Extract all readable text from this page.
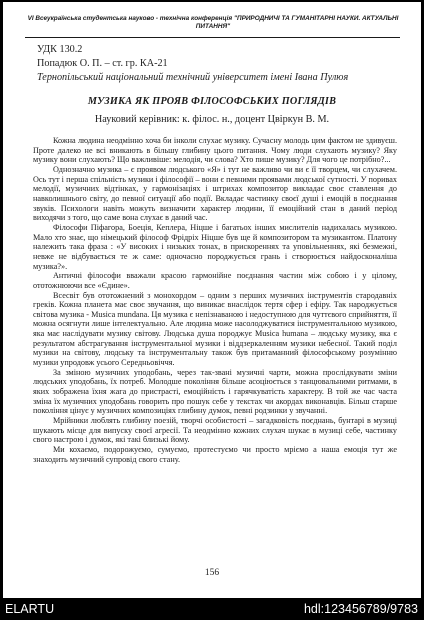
VI Всеукраїнська студентська науково - технічна конференція "ПРИРОДНИЧІ ТА ГУМАНІТАРНІ НАУКИ. АКТУАЛЬНІ ПИТАННЯ"
УДК 130.2
Попадюк О. П. – ст. гр. КА-21
Тернопільський національний технічний університет імені Івана Пулюя
МУЗИКА ЯК ПРОЯВ ФІЛОСОФСЬКИХ ПОГЛЯДІВ
Науковий керівник: к. філос. н., доцент Цвіркун В. М.

Кожна людина неодмінно хоча би інколи слухає музику. Сучасну молодь цим фактом не здивуєш. Проте далеко не всі вникають в більшу глибину цього питання. Чому люди слухають музику? Яку музику вони слухають? Що важливіше: мелодія, чи слова? Хто пише музику? Для чого це потрібно?...

Однозначно музика – є проявом людського «Я» і тут не важливо чи ви є її творцем, чи слухачем. Ось тут і перша спільність музики і філософії – вони є певними проявами людської сутності. У поривах мелодії, музичних відтінках, у гармонізаціях і штрихах композитор викладає своє ставлення до навколишнього світу, до певної ситуації або події. Вкладає частинку своєї душі і емоцій в поєднання звуків. Психологи навіть можуть визначити характер людини, її емоційний стан в даний період виходячи з того, що саме вона слухає в даний час.

Філософи Піфагора, Боеція, Кеплера, Ніцше і багатьох інших мислителів надихалась музикою. Мало хто знає, що німецький філософ Фрідріх Ніцше був ще й композитором та музикантом. Платону належить така фраза : «У високих і низьких тонах, в прискореннях та уповільненнях, які безмежні, невже не відбувається те ж саме: одночасно породжується грань і створюється найдосконаліша музика?».

Античні філософи вважали красою гармонійне поєднання частин між собою і у цілому, ототожнюючи все «Єдине».

Всесвіт був ототожнений з монохордом – одним з перших музичних інструментів стародавніх греків. Кожна планета має своє звучання, що виникає внаслідок тертя сфер і ефіру. Так народжується світова музика - Musica mundana. Ця музика є непізнаваною і недоступною для чуттєвого сприйняття, її можна осягнути лише інтелектуально. Але людина може насолоджуватися інструментальною музикою, яка має наслідувати музику світову. Людська душа породжує Musica humana – людську музику, яка є результатом абстрагування інструментальної музики і віддзеркаленням музики небесної. Такий поділ музики на світову, людську та інструментальну також був притаманний філософському розумінню музики упродовж усього Середньовіччя.

За зміною музичних уподобань, через так-звані музичні чарти, можна прослідкувати зміни людських уподобань, їх потреб. Молодше покоління більше асоціюється з танцювальними ритмами, в яких зображена їхня жага до пристрасті, емоційність і гарячкуватість характеру. В той же час часта зміна їх музичних уподобань говорить про пошук себе у текстах чи акордах виконавців. Більш старше покоління цінує у музичних композиціях глибину думок, певні родзинки у звучанні.

Мрійники люблять глибину поезій, творчі особистості – загадковість поєднань, бунтарі в музиці шукають місце для випуску своєї агресії. Та неодмінно кожних слухач шукає в музиці себе, частинку свого настрою і думок, які такі близькі йому.

Ми кохаємо, подорожуємо, сумуємо, протестуємо чи просто мріємо а наша емоція тут же знаходить музичний супровід свого стану.

156
ELARTU	hdl:123456789/9783
